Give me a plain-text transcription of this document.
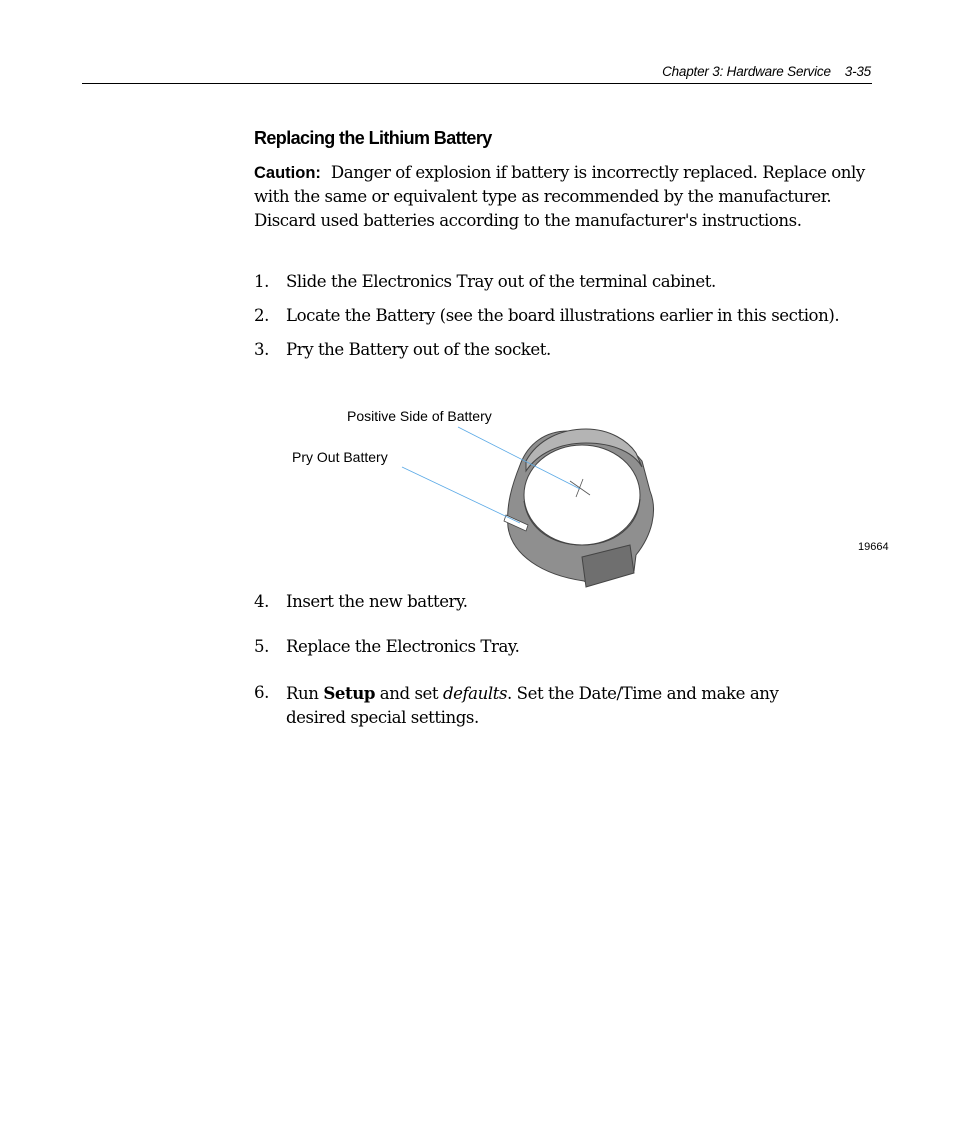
Chapter 3: Hardware Service 3-35
Replacing the Lithium Battery
Caution: Danger of explosion if battery is incorrectly replaced. Replace only with the same or equivalent type as recommended by the manufacturer. Discard used batteries according to the manufacturer's instructions.
1.	Slide the Electronics Tray out of the terminal cabinet.
2.	Locate the Battery (see the board illustrations earlier in this section).
3.	Pry the Battery out of the socket.
Positive Side of Battery
Pry Out Battery
19664
4.	Insert the new battery.
5.	Replace the Electronics Tray.
6.	Run Setup and set defaults. Set the Date/Time and make any desired special settings.
